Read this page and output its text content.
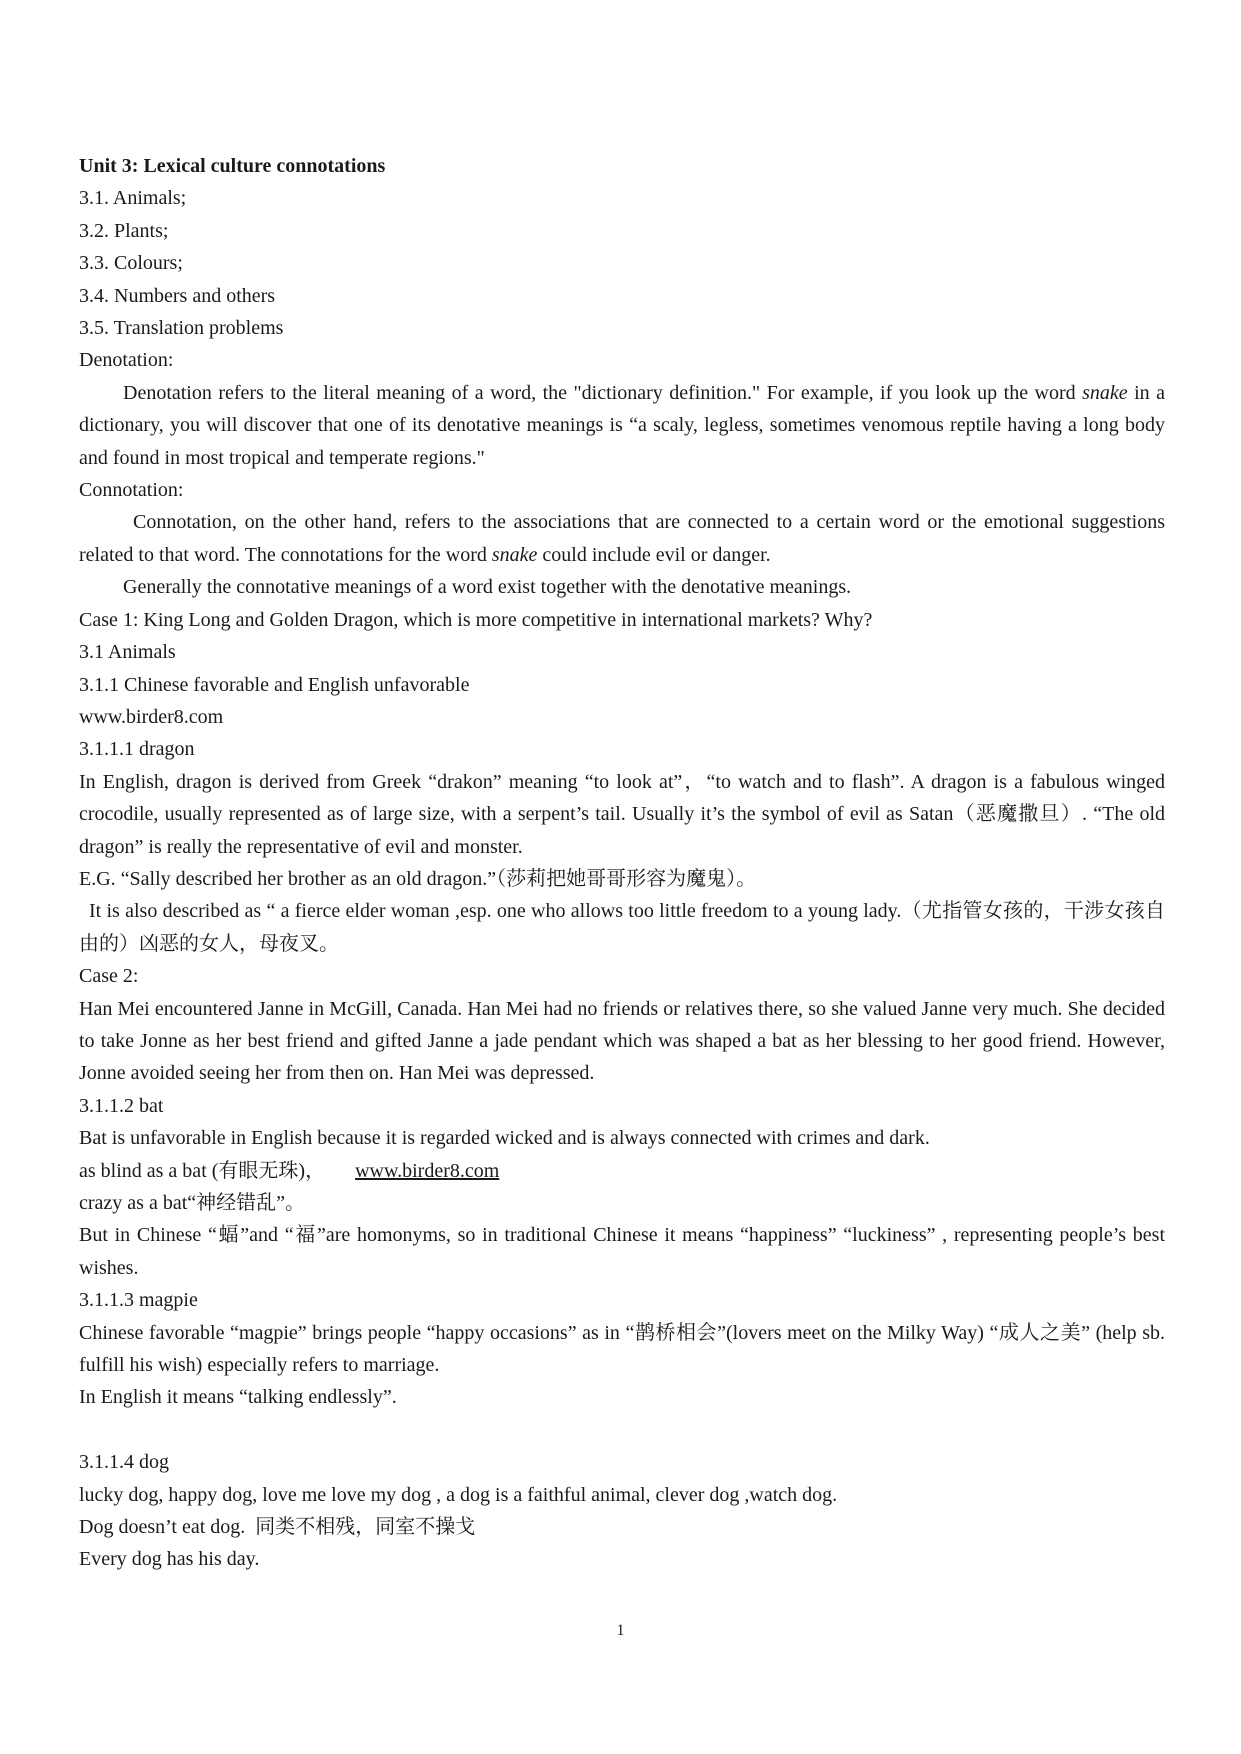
Unit 3: Lexical culture connotations
3.1. Animals;
3.2. Plants;
3.3. Colours;
3.4. Numbers and others
3.5. Translation problems
Denotation:

Denotation refers to the literal meaning of a word, the "dictionary definition." For example, if you look up the word snake in a dictionary, you will discover that one of its denotative meanings is “a scaly, legless, sometimes venomous reptile having a long body and found in most tropical and temperate regions."

Connotation:

Connotation, on the other hand, refers to the associations that are connected to a certain word or the emotional suggestions related to that word. The connotations for the word snake could include evil or danger.

Generally the connotative meanings of a word exist together with the denotative meanings.

Case 1: King Long and Golden Dragon, which is more competitive in international markets? Why?
3.1 Animals
3.1.1 Chinese favorable and English unfavorable
www.birder8.com
3.1.1.1 dragon

In English, dragon is derived from Greek “drakon” meaning “to look at”，“to watch and to flash”. A dragon is a fabulous winged crocodile, usually represented as of large size, with a serpent’s tail. Usually it’s the symbol of evil as Satan（恶魔撒旦）. “The old dragon” is really the representative of evil and monster.

E.G. “Sally described her brother as an old dragon.”（莎莉把她哥哥形容为魔鬼）。

It is also described as “ a fierce elder woman ,esp. one who allows too little freedom to a young lady.（尤指管女孩的，干涉女孩自由的）凶恶的女人，母夜叉。

Case 2:

Han Mei encountered Janne in McGill, Canada. Han Mei had no friends or relatives there, so she valued Janne very much. She decided to take Jonne as her best friend and gifted Janne a jade pendant which was shaped a bat as her blessing to her good friend. However, Jonne avoided seeing her from then on. Han Mei was depressed.

3.1.1.2 bat

Bat is unfavorable in English because it is regarded wicked and is always connected with crimes and dark.

as blind as a bat (有眼无珠)，      www.birder8.com
crazy as a bat“神经错乱”。

But in Chinese “蝠”and “福”are homonyms, so in traditional Chinese it means “happiness” “luckiness” , representing people’s best wishes.

3.1.1.3 magpie

Chinese favorable “magpie” brings people “happy occasions” as in “鹊桥相会”(lovers meet on the Milky Way) “成人之美” (help sb. fulfill his wish) especially refers to marriage.

In English it means “talking endlessly”.
3.1.1.4 dog
lucky dog, happy dog, love me love my dog , a dog is a faithful animal, clever dog ,watch dog.
Dog doesn’t eat dog.  同类不相残，同室不操戈
Every dog has his day.
1
